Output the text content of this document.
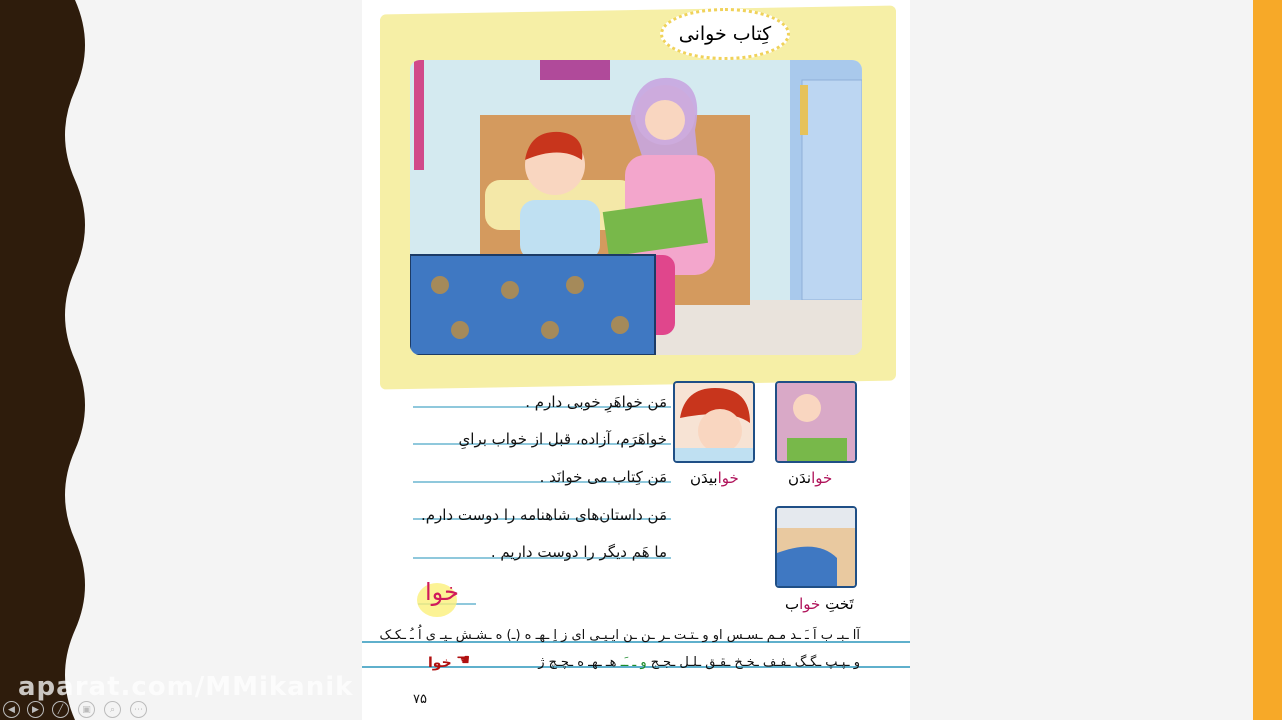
کِتاب خوانی
مَن خواهَرِ خوبی دارم .
خواهَرَم، آزاده، قبل از خواب برایِ
مَن کِتاب می خوانَد .
مَن داستان‌های شاهنامه را دوست دارم.
ما هَم دیگر را دوست داریم .
خوا
خواندَن
خوابیدَن
تَختِ خواب
آا ـبـ ب اَ ـَ ـد مـم ـسـس او و ـتـت ـر ـن ـن ایـیـی ای ز اِ ـهـ ه (ـ) ه ـشـش ـیـ ی اُ ـُ ـکـک
و ـپـپ ـگـگ ـفـف ـخـخ ـقـق ـلـل ـجـج و ـ ـَـ هـ ـهـ ه ـچـچ ژ
خوا ☚
۷۵
aparat.com/MMikanik
◀	▶	╱	▣	⌕	⋯
